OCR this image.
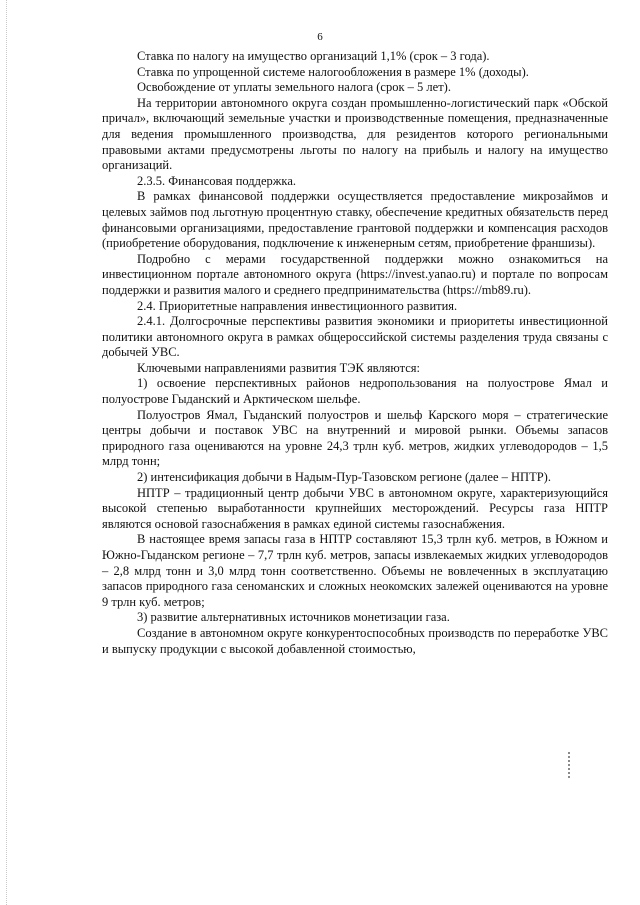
6

Ставка по налогу на имущество организаций 1,1% (срок – 3 года).

Ставка по упрощенной системе налогообложения в размере 1% (доходы).

Освобождение от уплаты земельного налога (срок – 5 лет).

На территории автономного округа создан промышленно-логистический парк «Обской причал», включающий земельные участки и производственные помещения, предназначенные для ведения промышленного производства, для резидентов которого региональными правовыми актами предусмотрены льготы по налогу на прибыль и налогу на имущество организаций.

2.3.5. Финансовая поддержка.

В рамках финансовой поддержки осуществляется предоставление микрозаймов и целевых займов под льготную процентную ставку, обеспечение кредитных обязательств перед финансовыми организациями, предоставление грантовой поддержки и компенсация расходов (приобретение оборудования, подключение к инженерным сетям, приобретение франшизы).

Подробно с мерами государственной поддержки можно ознакомиться на инвестиционном портале автономного округа (https://invest.yanao.ru) и портале по вопросам поддержки и развития малого и среднего предпринимательства (https://mb89.ru).

2.4. Приоритетные направления инвестиционного развития.

2.4.1. Долгосрочные перспективы развития экономики и приоритеты инвестиционной политики автономного округа в рамках общероссийской системы разделения труда связаны с добычей УВС.

Ключевыми направлениями развития ТЭК являются:

1) освоение перспективных районов недропользования на полуострове Ямал и полуострове Гыданский и Арктическом шельфе.

Полуостров Ямал, Гыданский полуостров и шельф Карского моря – стратегические центры добычи и поставок УВС на внутренний и мировой рынки. Объемы запасов природного газа оцениваются на уровне 24,3 трлн куб. метров, жидких углеводородов – 1,5 млрд тонн;

2) интенсификация добычи в Надым-Пур-Тазовском регионе (далее – НПТР).

НПТР – традиционный центр добычи УВС в автономном округе, характеризующийся высокой степенью выработанности крупнейших месторождений. Ресурсы газа НПТР являются основой газоснабжения в рамках единой системы газоснабжения.

В настоящее время запасы газа в НПТР составляют 15,3 трлн куб. метров, в Южном и Южно-Гыданском регионе – 7,7 трлн куб. метров, запасы извлекаемых жидких углеводородов – 2,8 млрд тонн и 3,0 млрд тонн соответственно. Объемы не вовлеченных в эксплуатацию запасов природного газа сеноманских и сложных неокомских залежей оцениваются на уровне 9 трлн куб. метров;

3) развитие альтернативных источников монетизации газа.

Создание в автономном округе конкурентоспособных производств по переработке УВС и выпуску продукции с высокой добавленной стоимостью,
